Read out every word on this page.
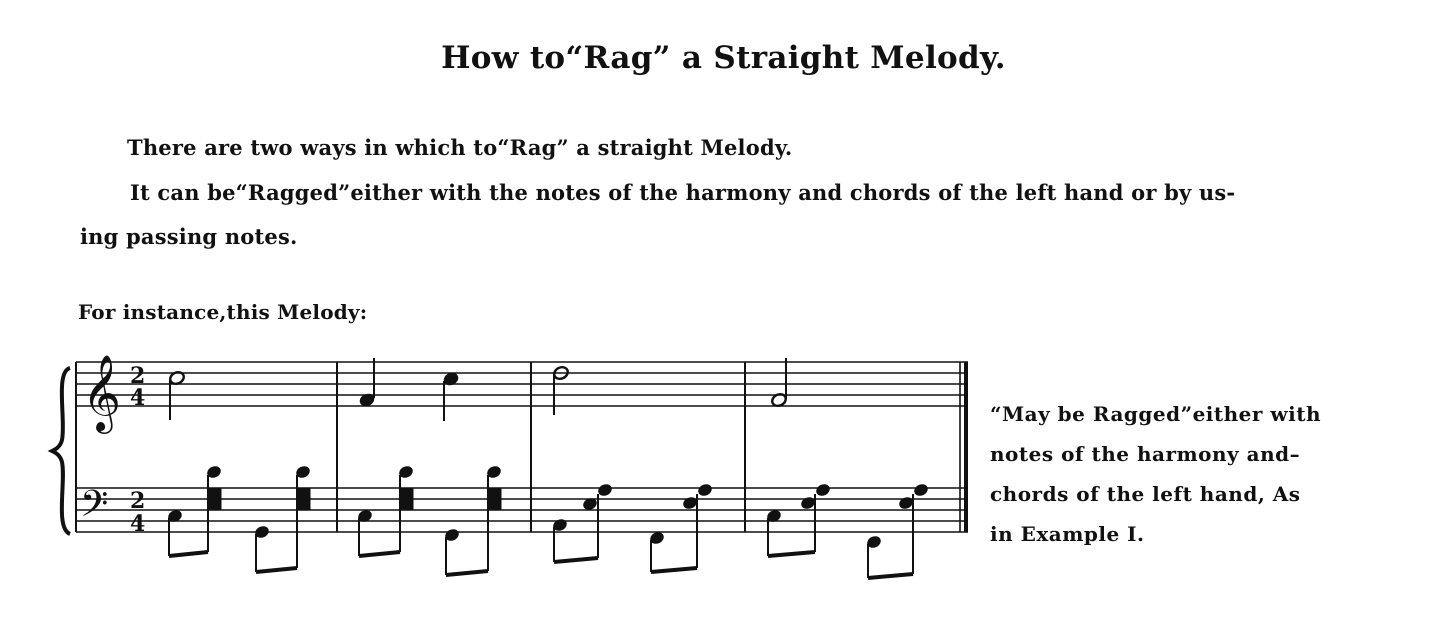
How to“Rag” a Straight Melody.
There are two ways in which to“Rag” a straight Melody.
It can be“Ragged”either with the notes of the harmony and chords of the left hand or by us-
ing passing notes.
For instance,this Melody:
𝄞
𝄢
2
4
2
4
“May be Ragged”either with
notes of the harmony and–
chords of the left hand, As
in Example I.
